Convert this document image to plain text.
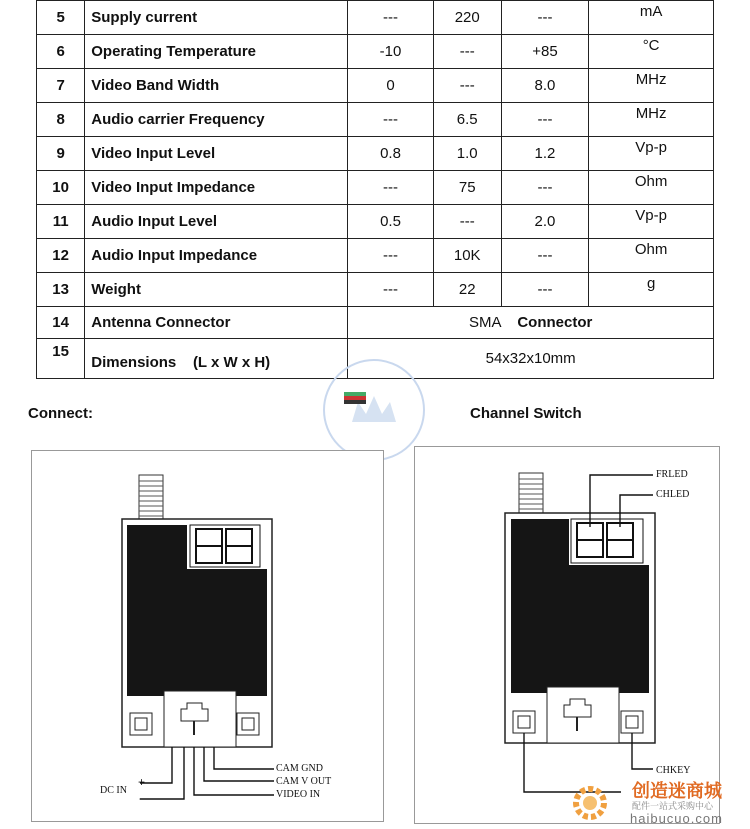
5	Supply current	---	220	---	mA
6	Operating Temperature	-10	---	+85	°C
7	Video Band Width	0	---	8.0	MHz
8	Audio carrier Frequency	---	6.5	---	MHz
9	Video Input Level	0.8	1.0	1.2	Vp-p
10	Video Input Impedance	---	75	---	Ohm
11	Audio Input Level	0.5	---	2.0	Vp-p
12	Audio Input Impedance	---	10K	---	Ohm
13	Weight	---	22	---	g
14	Antenna Connector	SMA Connector			
15	Dimensions (L x W x H)	54x32x10mm			
Connect:	Channel Switch
CAM GND
CAM V OUT
VIDEO IN
DC IN
+
-
FRLED
CHLED
CHKEY
创造迷商城
配件一站式采购中心
haibucuo.com
